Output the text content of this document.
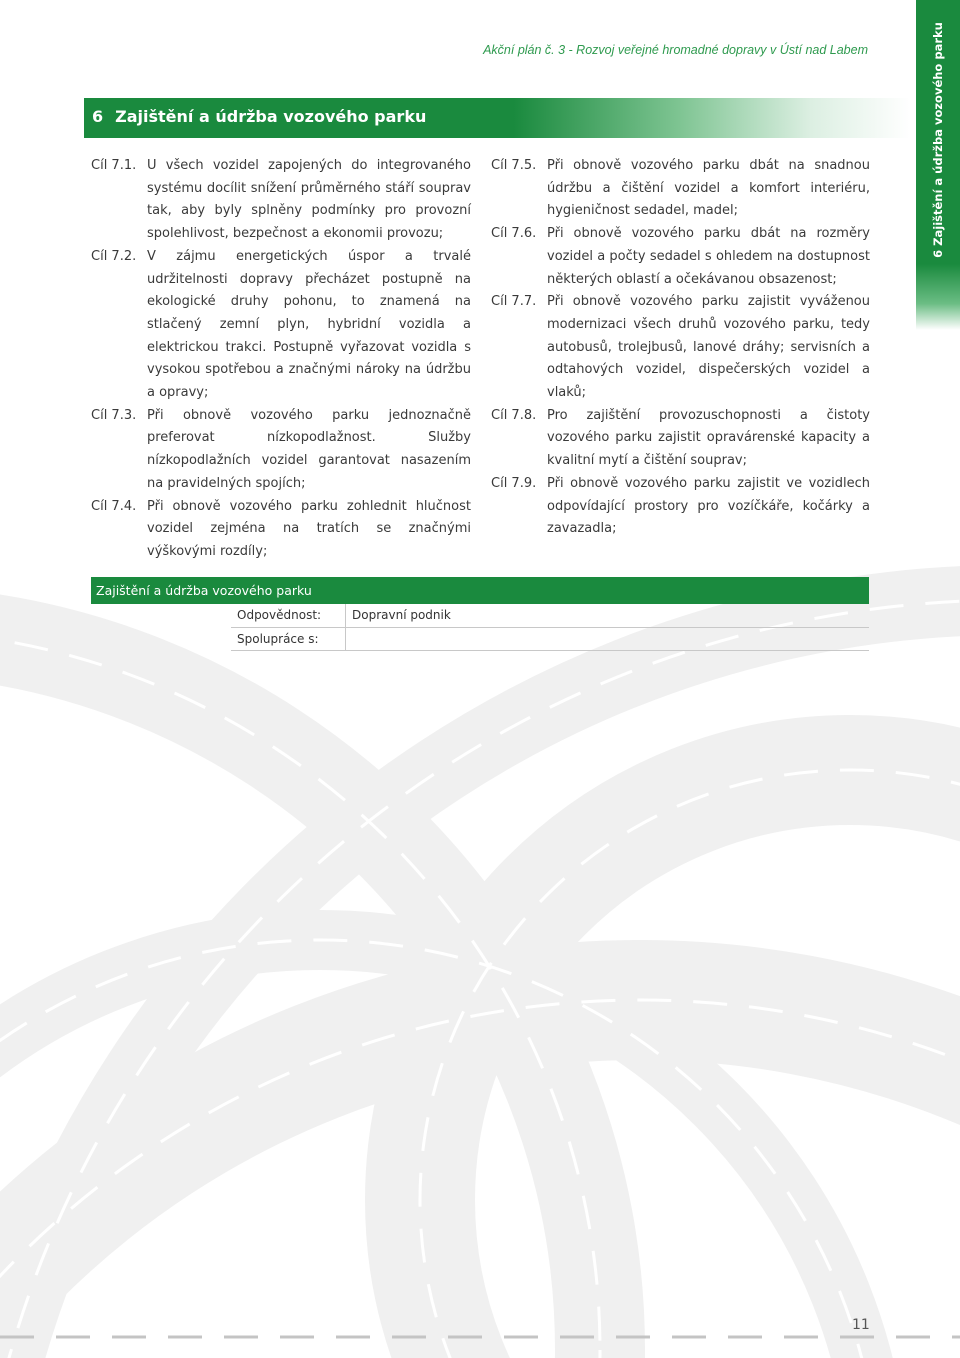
Akční plán č. 3 - Rozvoj veřejné hromadné dopravy v Ústí nad Labem
6 Zajištění a údržba vozového parku	6 Zajištění a údržba vozového parku
Cíl 7.1. U všech vozidel zapojených do integrovaného systému docílit snížení průměrného stáří souprav tak, aby byly splněny podmínky pro provozní spolehlivost, bezpečnost a ekonomii provozu;
Cíl 7.2. V zájmu energetických úspor a trvalé udržitelnosti dopravy přecházet postupně na ekologické druhy pohonu, to znamená na stlačený zemní plyn, hybridní vozidla a elektrickou trakci. Postupně vyřazovat vozidla s vysokou spotřebou a značnými nároky na údržbu a opravy;
Cíl 7.3. Při obnově vozového parku jednoznačně preferovat nízkopodlažnost. Služby nízkopodlažních vozidel garantovat nasazením na pravidelných spojích;
Cíl 7.4. Při obnově vozového parku zohlednit hlučnost vozidel zejména na tratích se značnými výškovými rozdíly;
Cíl 7.5. Při obnově vozového parku dbát na snadnou údržbu a čištění vozidel a komfort interiéru, hygieničnost sedadel, madel;
Cíl 7.6. Při obnově vozového parku dbát na rozměry vozidel a počty sedadel s ohledem na dostupnost některých oblastí a očekávanou obsazenost;
Cíl 7.7. Při obnově vozového parku zajistit vyváženou modernizaci všech druhů vozového parku, tedy autobusů, trolejbusů, lanové dráhy; servisních a odtahových vozidel, dispečerských vozidel a vlaků;
Cíl 7.8. Pro zajištění provozuschopnosti a čistoty vozového parku zajistit opravárenské kapacity a kvalitní mytí a čištění souprav;
Cíl 7.9. Při obnově vozového parku zajistit ve vozidlech odpovídající prostory pro vozíčkáře, kočárky a zavazadla;
Zajištění a údržba vozového parku		
	Odpovědnost:	Dopravní podnik
	Spolupráce s:	
11
